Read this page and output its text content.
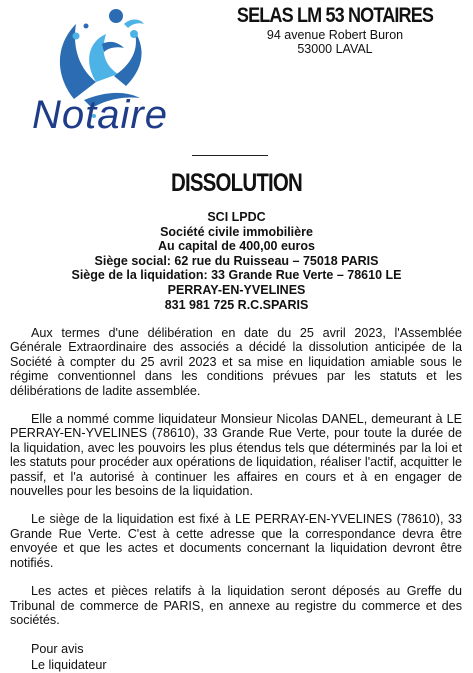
Notaire
SELAS LM 53 NOTAIRES
94 avenue Robert Buron
53000 LAVAL
DISSOLUTION
SCI LPDC
Société civile immobilière
Au capital de 400,00 euros
Siège social: 62 rue du Ruisseau – 75018 PARIS
Siège de la liquidation: 33 Grande Rue Verte – 78610 LE
PERRAY-EN-YVELINES
831 981 725 R.C.SPARIS

Aux termes d'une délibération en date du 25 avril 2023, l'Assemblée Générale Extraordinaire des associés a décidé la dissolution anticipée de la Société à compter du 25 avril 2023 et sa mise en liquidation amiable sous le régime conventionnel dans les conditions prévues par les statuts et les délibérations de ladite assemblée.

Elle a nommé comme liquidateur Monsieur Nicolas DANEL, demeurant à LE PERRAY-EN-YVELINES (78610), 33 Grande Rue Verte, pour toute la durée de la liquidation, avec les pouvoirs les plus étendus tels que déterminés par la loi et les statuts pour procéder aux opérations de liquidation, réaliser l'actif, acquitter le passif, et l'a autorisé à continuer les affaires en cours et à en engager de nouvelles pour les besoins de la liquidation.

Le siège de la liquidation est fixé à LE PERRAY-EN-YVELINES (78610), 33 Grande Rue Verte. C'est à cette adresse que la correspondance devra être envoyée et que les actes et documents concernant la liquidation devront être notifiés.

Les actes et pièces relatifs à la liquidation seront déposés au Greffe du Tribunal de commerce de PARIS, en annexe au registre du commerce et des sociétés.

Pour avis
Le liquidateur
